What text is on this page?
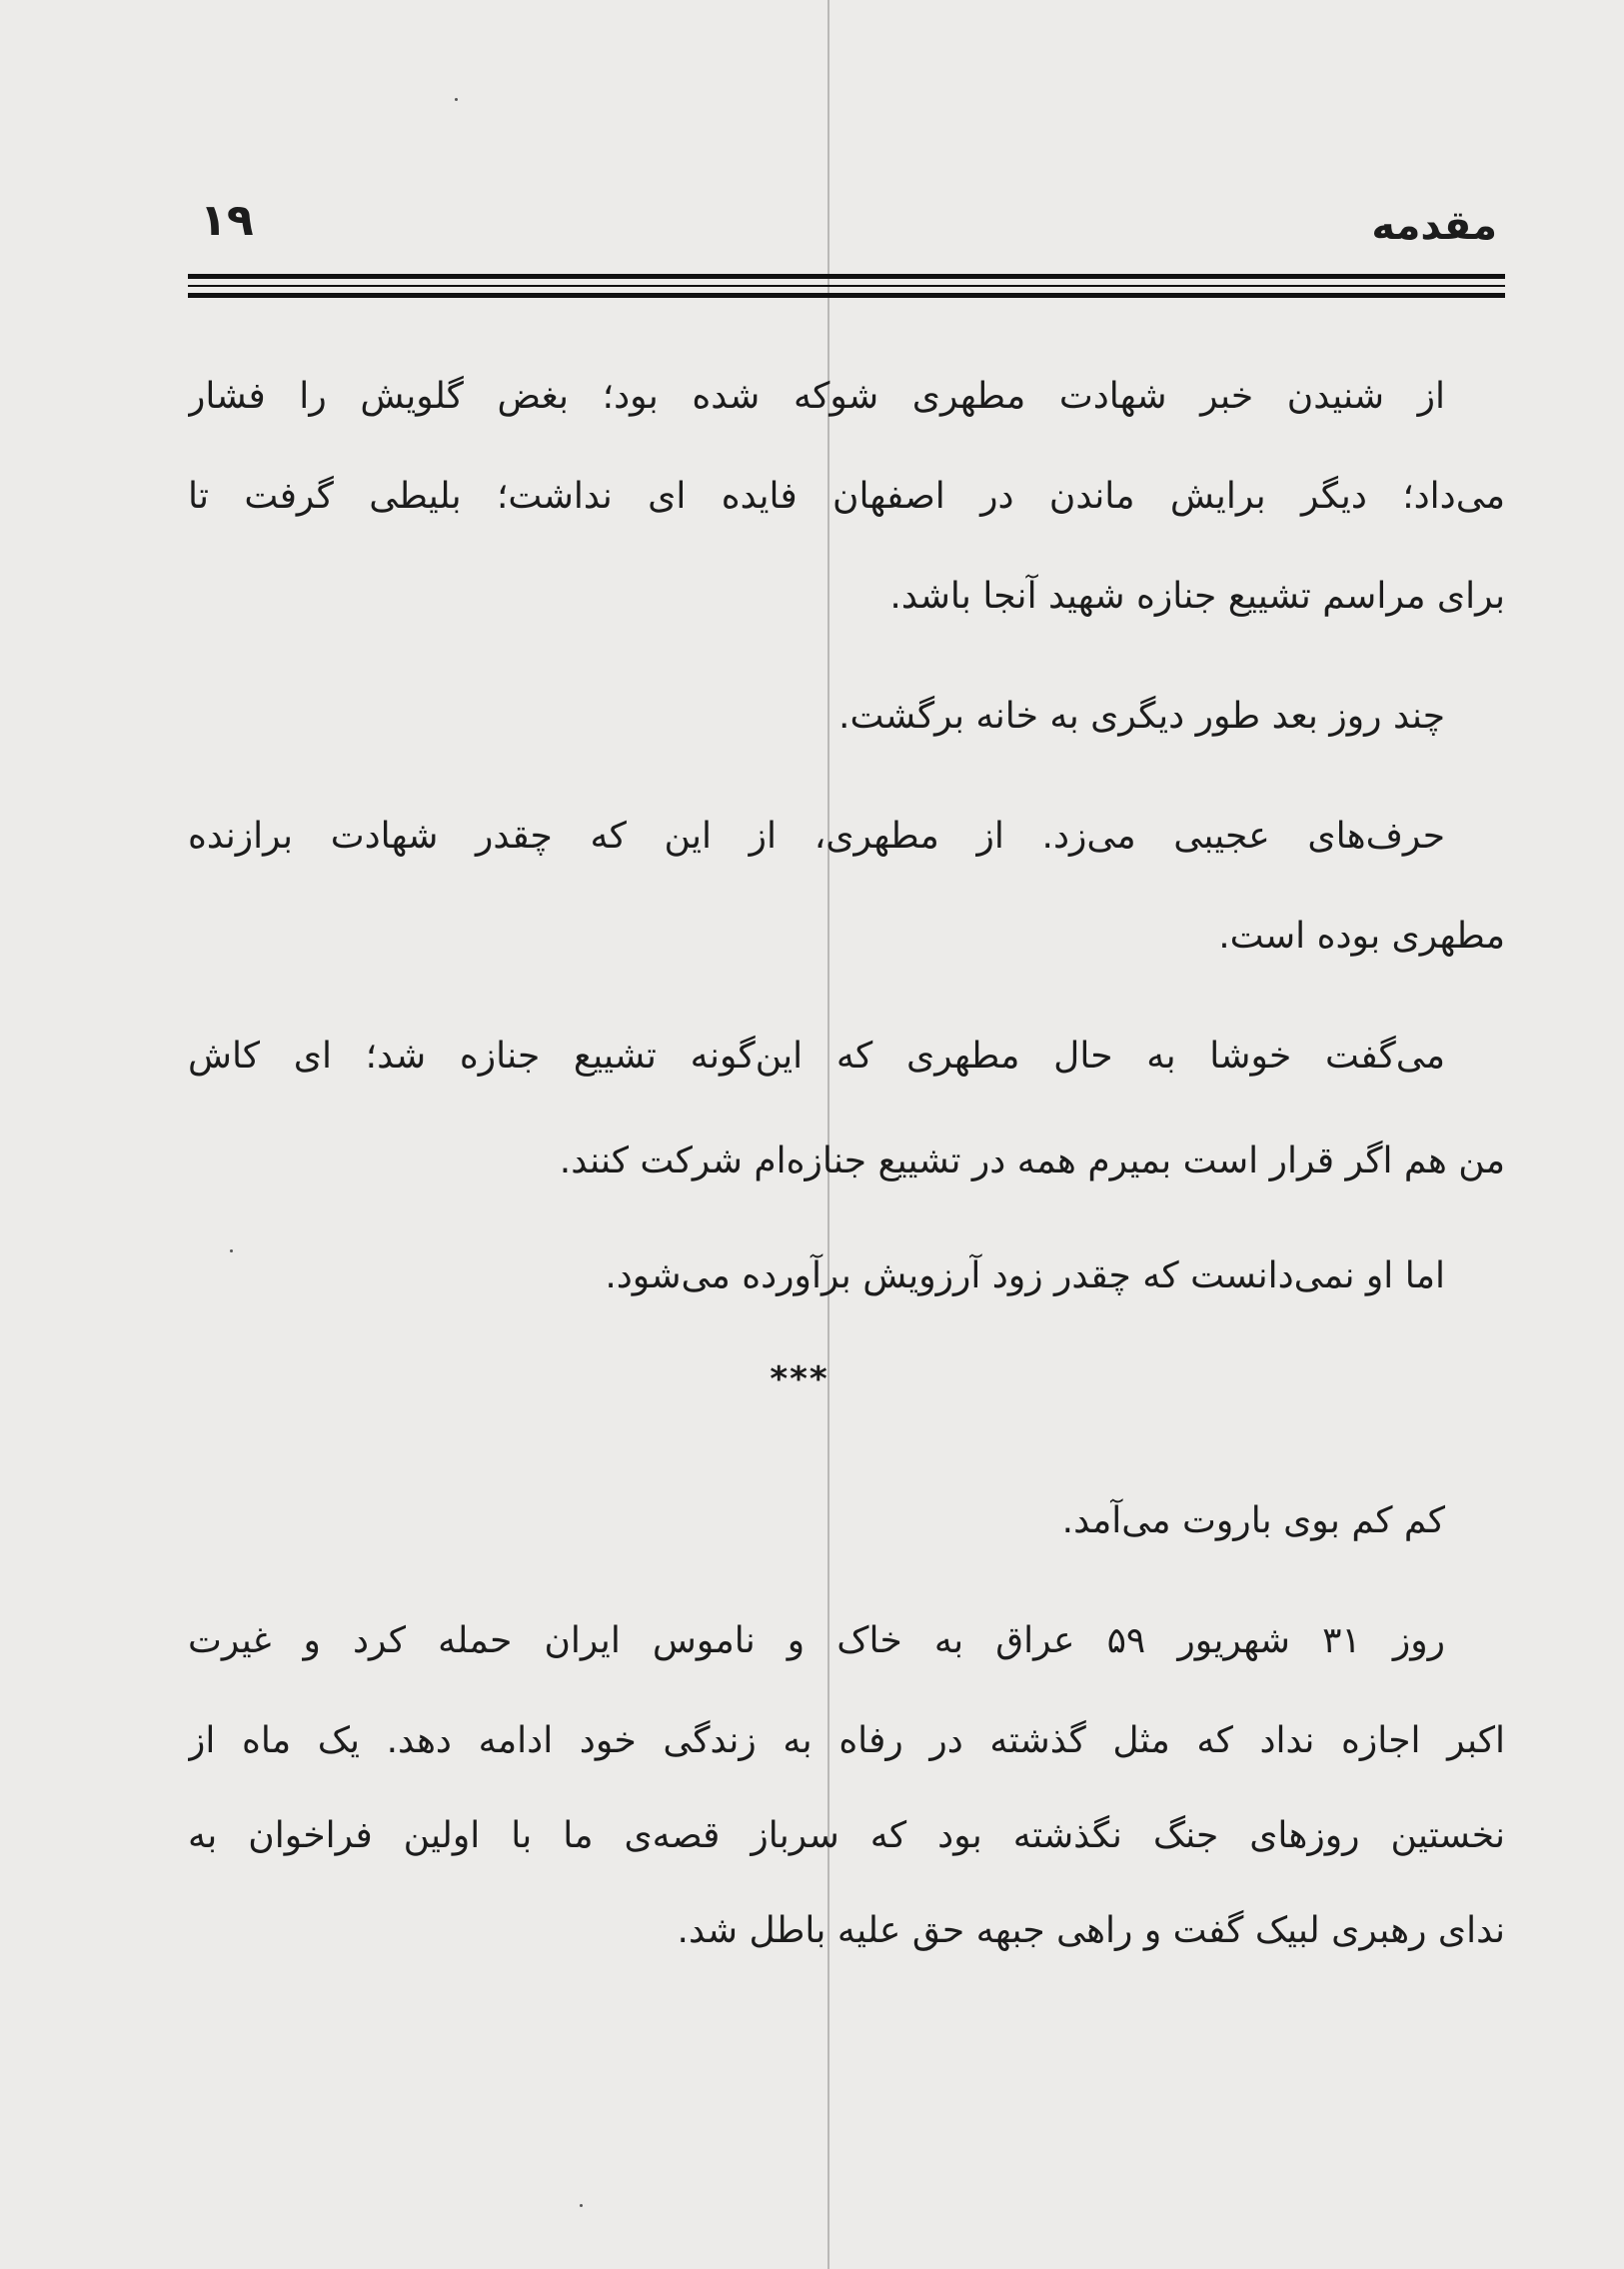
۱۹	مقدمه
از شنیدن خبر شهادت مطهری شوکه شده بود؛ بغض گلویش را فشار
می‌داد؛ دیگر برایش ماندن در اصفهان فایده ای نداشت؛ بلیطی گرفت تا
برای مراسم تشییع جنازه شهید آنجا باشد.
چند روز بعد طور دیگری به خانه برگشت.
حرف‌های عجیبی می‌زد. از مطهری، از این که چقدر شهادت برازنده
مطهری بوده است.
می‌گفت خوشا به حال مطهری که این‌گونه تشییع جنازه شد؛ ای کاش
من هم اگر قرار است بمیرم همه در تشییع جنازه‌ام شرکت کنند.
اما او نمی‌دانست که چقدر زود آرزویش برآورده می‌شود.
***
کم کم بوی باروت می‌آمد.
روز ۳۱ شهریور ۵۹ عراق به خاک و ناموس ایران حمله کرد و غیرت
اکبر اجازه نداد که مثل گذشته در رفاه به زندگی خود ادامه دهد. یک ماه از
نخستین روزهای جنگ نگذشته بود که سرباز قصه‌ی ما با اولین فراخوان به
ندای رهبری لبیک گفت و راهی جبهه حق علیه باطل شد.
